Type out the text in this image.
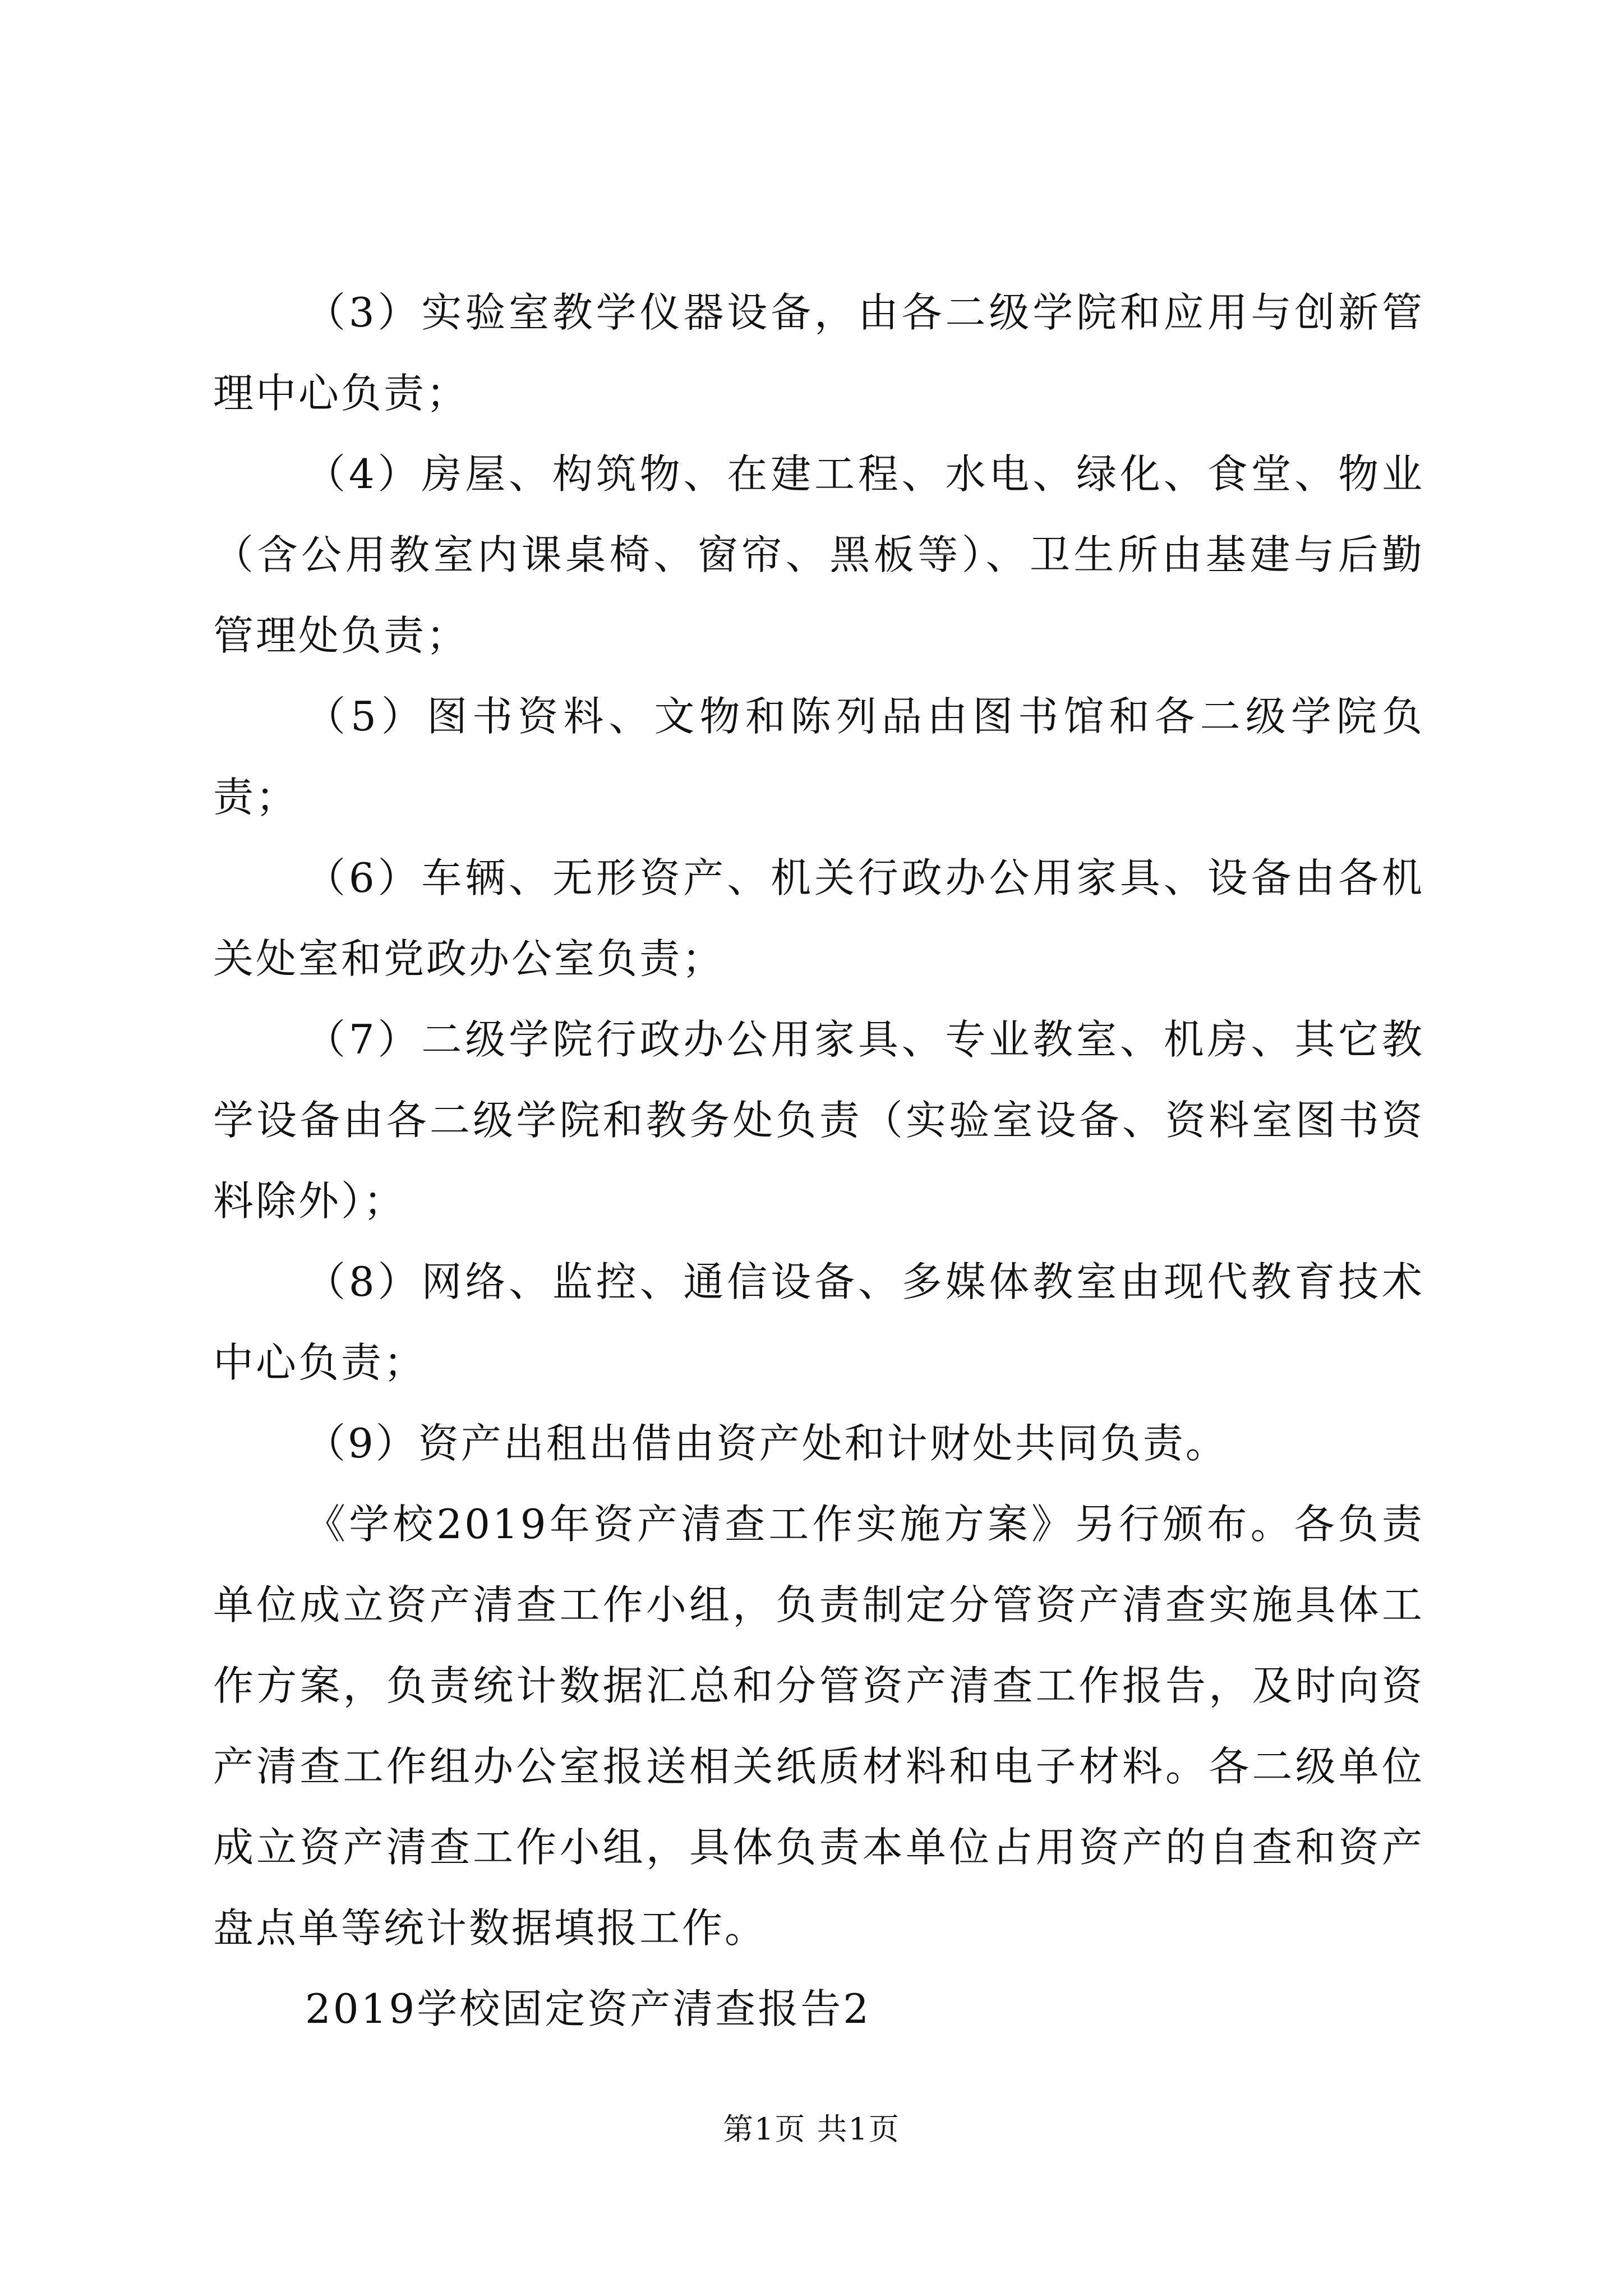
（3）实验室教学仪器设备，由各二级学院和应用与创新管理中心负责；

（4）房屋、构筑物、在建工程、水电、绿化、食堂、物业（含公用教室内课桌椅、窗帘、黑板等）、卫生所由基建与后勤管理处负责；

（5）图书资料、文物和陈列品由图书馆和各二级学院负责；

（6）车辆、无形资产、机关行政办公用家具、设备由各机关处室和党政办公室负责；

（7）二级学院行政办公用家具、专业教室、机房、其它教学设备由各二级学院和教务处负责（实验室设备、资料室图书资料除外）；

（8）网络、监控、通信设备、多媒体教室由现代教育技术中心负责；

（9）资产出租出借由资产处和计财处共同负责。

《学校2019年资产清查工作实施方案》另行颁布。各负责单位成立资产清查工作小组，负责制定分管资产清查实施具体工作方案，负责统计数据汇总和分管资产清查工作报告，及时向资产清查工作组办公室报送相关纸质材料和电子材料。各二级单位成立资产清查工作小组，具体负责本单位占用资产的自查和资产盘点单等统计数据填报工作。

2019学校固定资产清查报告2

第1页 共1页
